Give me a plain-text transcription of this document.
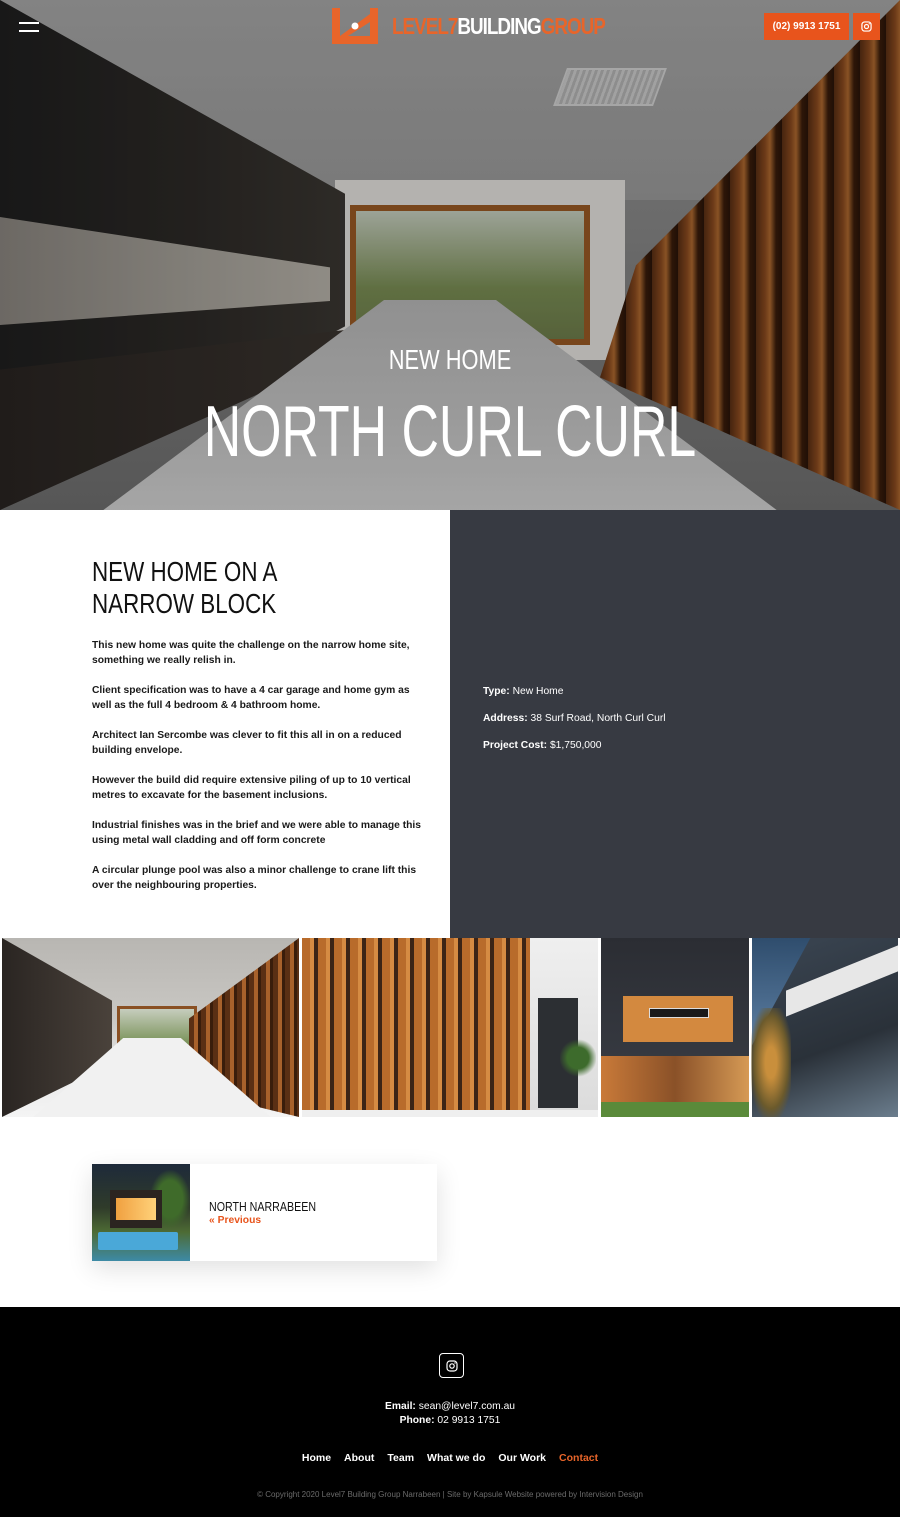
LEVEL7BUILDINGGROUP	(02) 9913 1751
NEW HOME
NORTH CURL CURL
NEW HOME ON A NARROW BLOCK

This new home was quite the challenge on the narrow home site, something we really relish in.

Client specification was to have a 4 car garage and home gym as well as the full 4 bedroom & 4 bathroom home.

Architect Ian Sercombe was clever to fit this all in on a reduced building envelope.

However the build did require extensive piling of up to 10 vertical metres to excavate for the basement inclusions.

Industrial finishes was in the brief and we were able to manage this using metal wall cladding and off form concrete

A circular plunge pool was also a minor challenge to crane lift this over the neighbouring properties.

Type: New Home
Address: 38 Surf Road, North Curl Curl
Project Cost: $1,750,000
NORTH NARRABEEN
« Previous
Email: sean@level7.com.au
Phone: 02 9913 1751
Home About Team What we do Our Work Contact
© Copyright 2020 Level7 Building Group Narrabeen | Site by Kapsule Website powered by Intervision Design
